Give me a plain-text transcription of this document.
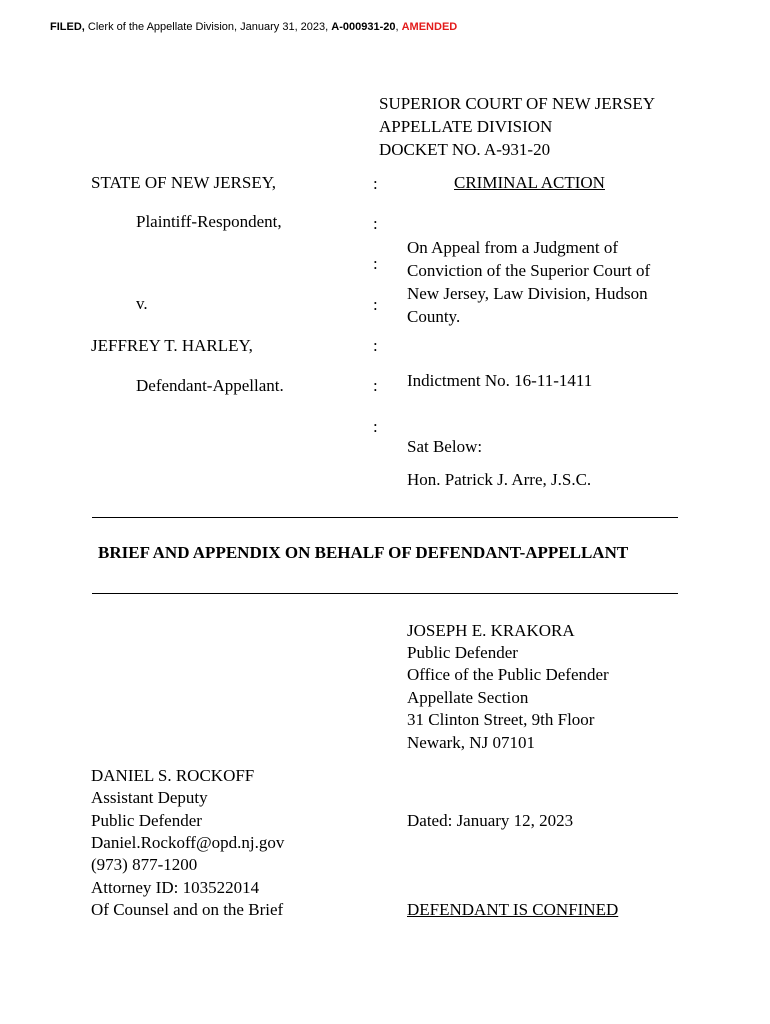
FILED, Clerk of the Appellate Division, January 31, 2023, A-000931-20, AMENDED
SUPERIOR COURT OF NEW JERSEY
APPELLATE DIVISION
DOCKET NO. A-931-20
STATE OF NEW JERSEY,
Plaintiff-Respondent,
v.
JEFFREY T. HARLEY,
Defendant-Appellant.
:
:
:
:
:
:
:
CRIMINAL ACTION
On Appeal from a Judgment of
Conviction of the Superior Court of
New Jersey, Law Division, Hudson
County.
Indictment No. 16-11-1411
Sat Below:
Hon. Patrick J. Arre, J.S.C.
BRIEF AND APPENDIX ON BEHALF OF DEFENDANT-APPELLANT
JOSEPH E. KRAKORA
Public Defender
Office of the Public Defender
Appellate Section
31 Clinton Street, 9th Floor
Newark, NJ 07101
DANIEL S. ROCKOFF
Assistant Deputy
Public Defender
Daniel.Rockoff@opd.nj.gov
(973) 877-1200
Attorney ID: 103522014
Of Counsel and on the Brief
Dated: January 12, 2023
DEFENDANT IS CONFINED
